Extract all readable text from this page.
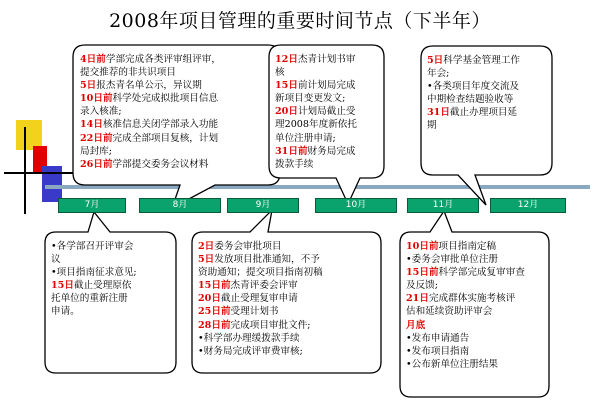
2008年项目管理的重要时间节点（下半年）
7月	8月	9月	10月	11月	12月
4日前学部完成各类评审组评审，
提交推荐的非共识项目
5日报杰青名单公示，异议期
10日前科学处完成拟批项目信息
录入核准;
14日核准信息关闭学部录入功能
22日前完成全部项目复核，计划
局封库;
26日前学部提交委务会议材料
12日杰青计划书审
核
15日前计划局完成
新项目变更发文;
20日计划局截止受
理2008年度新依托
单位注册申请;
31日前财务局完成
拨款手续
5日科学基金管理工作
年会;
•各类项目年度交流及
中期检查结题验收等
31日截止办理项目延
期
•各学部召开评审会
议
•项目指南征求意见;
15日截止受理原依
托单位的重新注册
申请。
2日委务会审批项目
5日发放项目批准通知，不予
资助通知；提交项目指南初稿
15日前杰青评委会评审
20日截止受理复审申请
25日前受理计划书
28日前完成项目审批文件;
•科学部办理缓拨款手续
•财务局完成评审费审核;
10日前项目指南定稿
•委务会审批单位注册
15日前科学部完成复审审查
及反馈;
21日完成群体实施考核评
估和延续资助评审会
月底
•发布申请通告
•发布项目指南
•公布新单位注册结果
